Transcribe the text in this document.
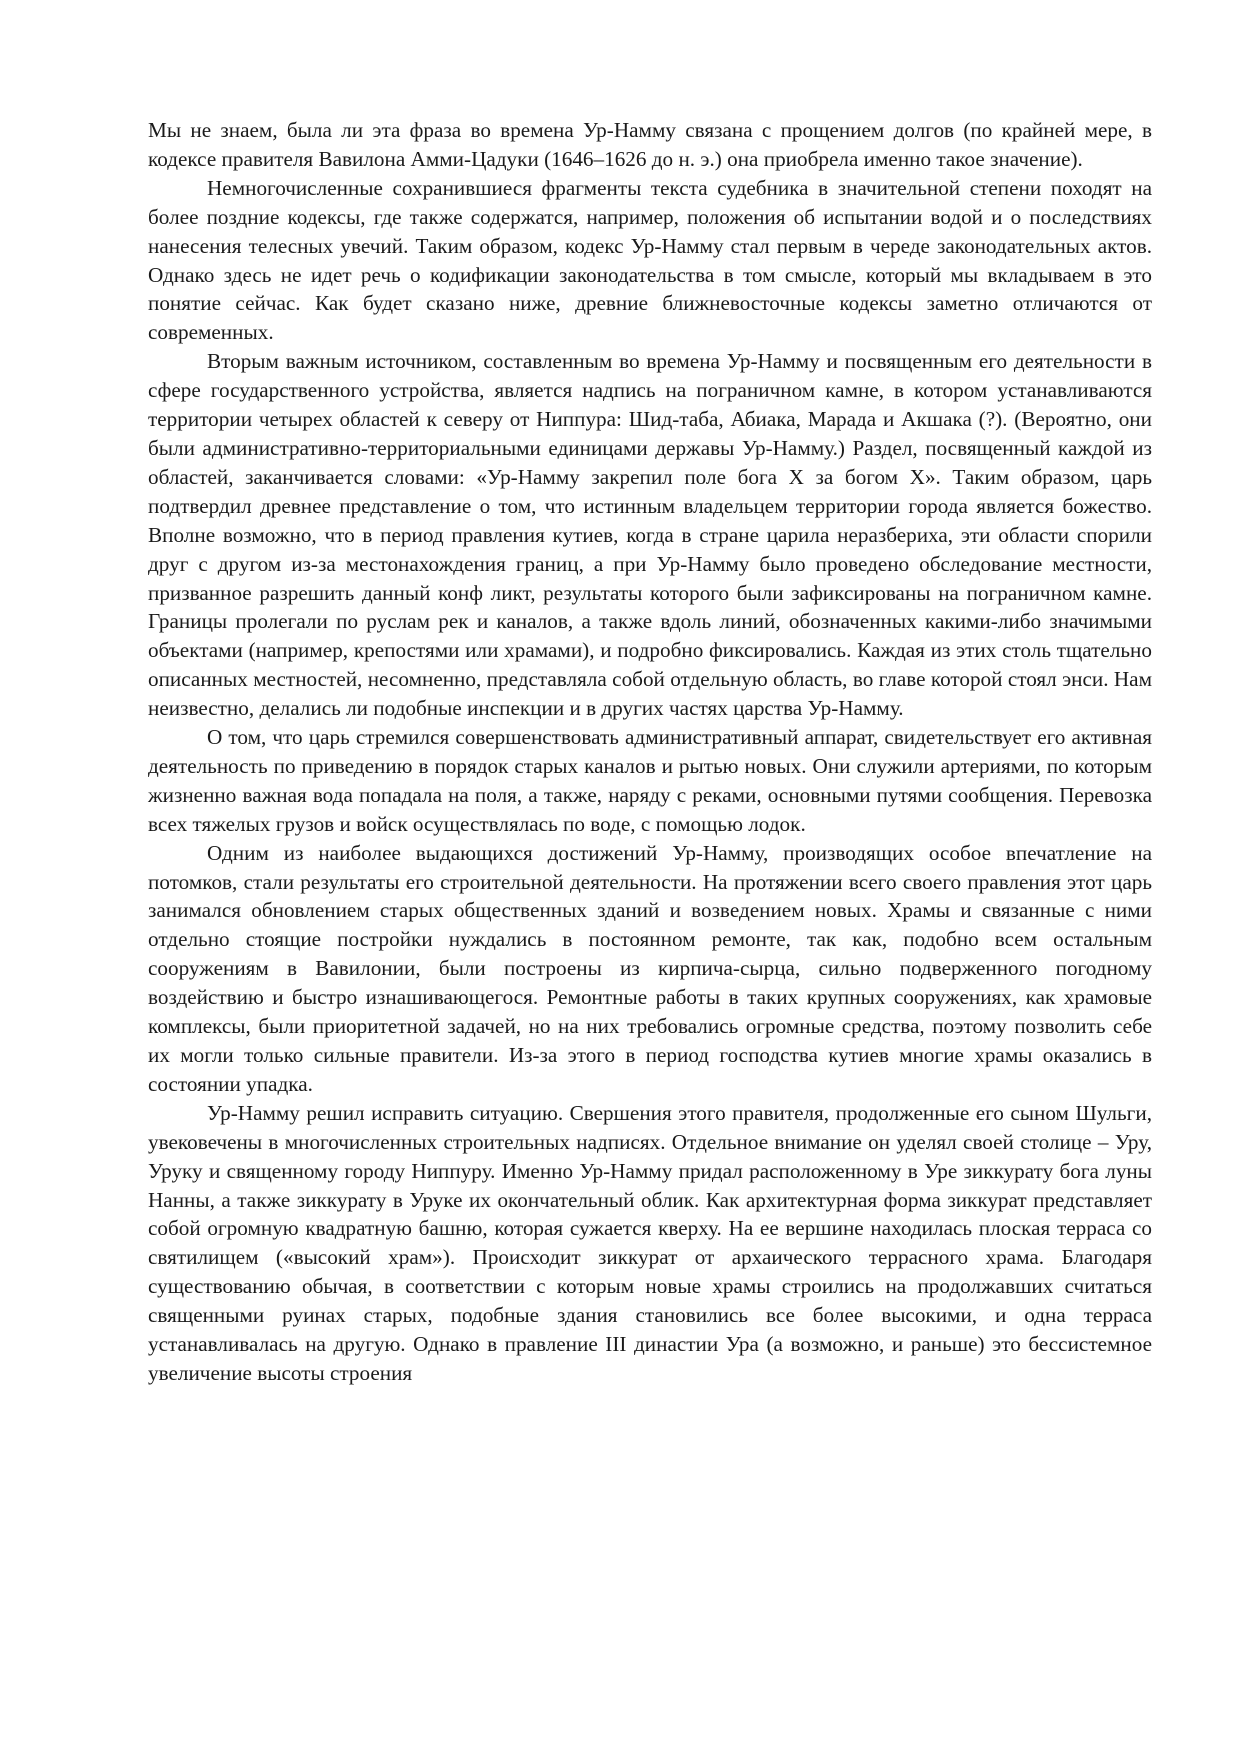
Мы не знаем, была ли эта фраза во времена Ур-Намму связана с прощением долгов (по крайней мере, в кодексе правителя Вавилона Амми-Цадуки (1646–1626 до н. э.) она приобрела именно такое значение).

Немногочисленные сохранившиеся фрагменты текста судебника в значительной степени походят на более поздние кодексы, где также содержатся, например, положения об испытании водой и о последствиях нанесения телесных увечий. Таким образом, кодекс Ур-Намму стал первым в череде законодательных актов. Однако здесь не идет речь о кодификации законодательства в том смысле, который мы вкладываем в это понятие сейчас. Как будет сказано ниже, древние ближневосточные кодексы заметно отличаются от современных.

Вторым важным источником, составленным во времена Ур-Намму и посвященным его деятельности в сфере государственного устройства, является надпись на пограничном камне, в котором устанавливаются территории четырех областей к северу от Ниппура: Шид-таба, Абиака, Марада и Акшака (?). (Вероятно, они были административно-территориальными единицами державы Ур-Намму.) Раздел, посвященный каждой из областей, заканчивается словами: «Ур-Намму закрепил поле бога X за богом X». Таким образом, царь подтвердил древнее представление о том, что истинным владельцем территории города является божество. Вполне возможно, что в период правления кутиев, когда в стране царила неразбериха, эти области спорили друг с другом из-за местонахождения границ, а при Ур-Намму было проведено обследование местности, призванное разрешить данный конф ликт, результаты которого были зафиксированы на пограничном камне. Границы пролегали по руслам рек и каналов, а также вдоль линий, обозначенных какими-либо значимыми объектами (например, крепостями или храмами), и подробно фиксировались. Каждая из этих столь тщательно описанных местностей, несомненно, представляла собой отдельную область, во главе которой стоял энси. Нам неизвестно, делались ли подобные инспекции и в других частях царства Ур-Намму.

О том, что царь стремился совершенствовать административный аппарат, свидетельствует его активная деятельность по приведению в порядок старых каналов и рытью новых. Они служили артериями, по которым жизненно важная вода попадала на поля, а также, наряду с реками, основными путями сообщения. Перевозка всех тяжелых грузов и войск осуществлялась по воде, с помощью лодок.

Одним из наиболее выдающихся достижений Ур-Намму, производящих особое впечатление на потомков, стали результаты его строительной деятельности. На протяжении всего своего правления этот царь занимался обновлением старых общественных зданий и возведением новых. Храмы и связанные с ними отдельно стоящие постройки нуждались в постоянном ремонте, так как, подобно всем остальным сооружениям в Вавилонии, были построены из кирпича-сырца, сильно подверженного погодному воздействию и быстро изнашивающегося. Ремонтные работы в таких крупных сооружениях, как храмовые комплексы, были приоритетной задачей, но на них требовались огромные средства, поэтому позволить себе их могли только сильные правители. Из-за этого в период господства кутиев многие храмы оказались в состоянии упадка.

Ур-Намму решил исправить ситуацию. Свершения этого правителя, продолженные его сыном Шульги, увековечены в многочисленных строительных надписях. Отдельное внимание он уделял своей столице – Уру, Уруку и священному городу Ниппуру. Именно Ур-Намму придал расположенному в Уре зиккурату бога луны Нанны, а также зиккурату в Уруке их окончательный облик. Как архитектурная форма зиккурат представляет собой огромную квадратную башню, которая сужается кверху. На ее вершине находилась плоская терраса со святилищем («высокий храм»). Происходит зиккурат от архаического террасного храма. Благодаря существованию обычая, в соответствии с которым новые храмы строились на продолжавших считаться священными руинах старых, подобные здания становились все более высокими, и одна терраса устанавливалась на другую. Однако в правление III династии Ура (а возможно, и раньше) это бессистемное увеличение высоты строения
